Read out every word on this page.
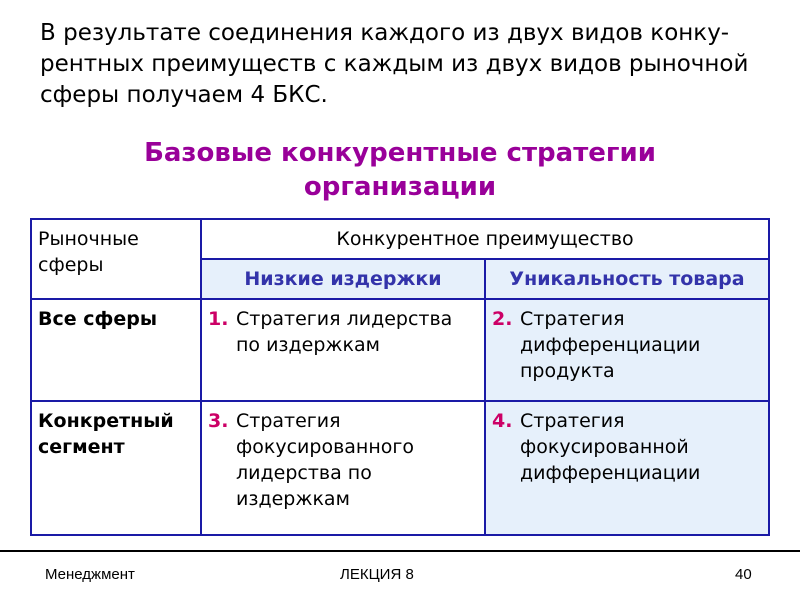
В результате соединения каждого из двух видов конку-
рентных преимуществ с каждым из двух видов рыночной
сферы получаем 4 БКС.
Базовые конкурентные стратегии
организации
Рыночные сферы	Конкурентное преимущество	
	Низкие издержки	Уникальность товара
Все сферы	1. Стратегия лидерства по издержкам	2. Стратегия дифференциации продукта

Конкретный сегмент	3. Стратегия фокусированного лидерства по издержкам	4. Стратегия фокусированной дифференциации
Менеджмент	ЛЕКЦИЯ 8	40
